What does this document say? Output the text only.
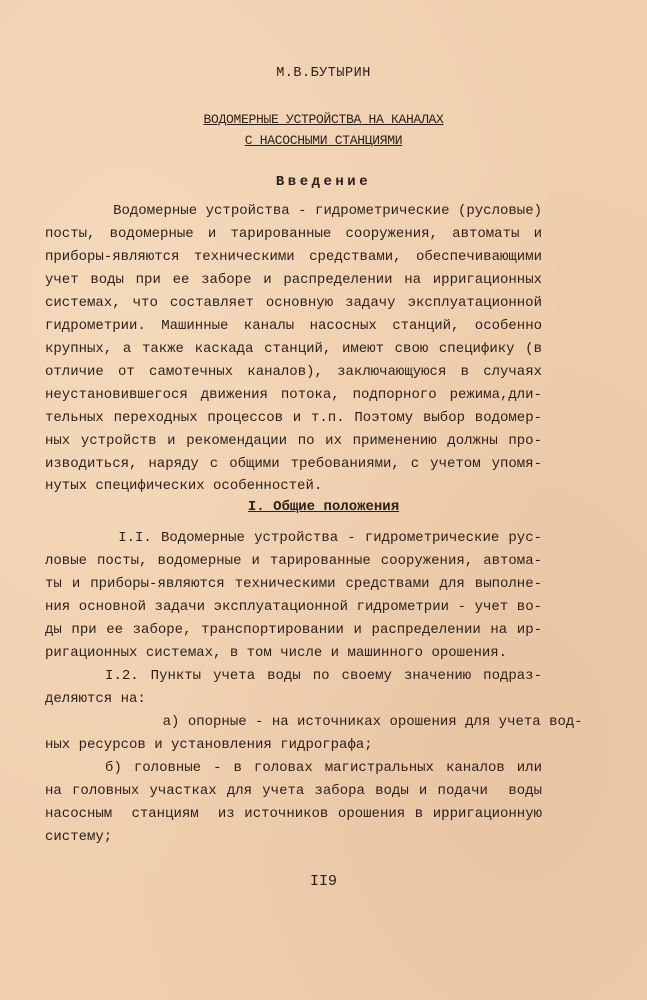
М.В.БУТЫРИН
ВОДОМЕРНЫЕ УСТРОЙСТВА НА КАНАЛАХ
С НАСОСНЫМИ СТАНЦИЯМИ
Введение
Водомерные устройства - гидрометрические (русловые)
посты, водомерные и тарированные сооружения, автоматы и
приборы-являются техническими средствами, обеспечивающими
учет воды при ее заборе и распределении на ирригационных
системах, что составляет основную задачу эксплуатационной
гидрометрии. Машинные каналы насосных станций, особенно
крупных, а также каскада станций, имеют свою специфику (в
отличие от самотечных каналов), заключающуюся в случаях
неустановившегося движения потока, подпорного режима,дли-
тельных переходных процессов и т.п. Поэтому выбор водомер-
ных устройств и рекомендации по их применению должны про-
изводиться, наряду с общими требованиями, с учетом упомя-
нутых специфических особенностей.
I. Общие положения
I.I. Водомерные устройства - гидрометрические рус-
ловые посты, водомерные и тарированные сооружения, автома-
ты и приборы-являются техническими средствами для выполне-
ния основной задачи эксплуатационной гидрометрии - учет во-
ды при ее заборе, транспортировании и распределении на ир-
ригационных системах, в том числе и машинного орошения.
I.2. Пункты учета воды по своему значению подраз-
деляются на:
а) опорные - на источниках орошения для учета вод-
ных ресурсов и установления гидрографа;
б) головные - в головах магистральных каналов или
на головных участках для учета забора воды и подачи  воды
насосным  станциям  из источников орошения в ирригационную
систему;
II9
